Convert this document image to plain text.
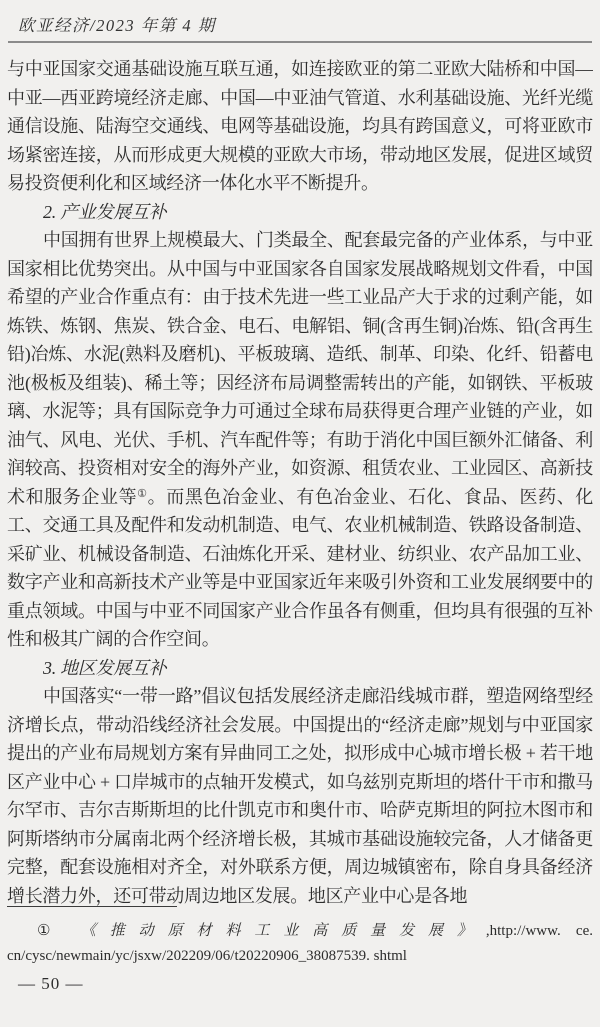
欧亚经济/2023 年第 4 期

与中亚国家交通基础设施互联互通，如连接欧亚的第二亚欧大陆桥和中国—中亚—西亚跨境经济走廊、中国—中亚油气管道、水利基础设施、光纤光缆通信设施、陆海空交通线、电网等基础设施，均具有跨国意义，可将亚欧市场紧密连接，从而形成更大规模的亚欧大市场，带动地区发展，促进区域贸易投资便利化和区域经济一体化水平不断提升。

2. 产业发展互补

中国拥有世界上规模最大、门类最全、配套最完备的产业体系，与中亚国家相比优势突出。从中国与中亚国家各自国家发展战略规划文件看，中国希望的产业合作重点有：由于技术先进一些工业品产大于求的过剩产能，如炼铁、炼钢、焦炭、铁合金、电石、电解铝、铜(含再生铜)冶炼、铅(含再生铅)冶炼、水泥(熟料及磨机)、平板玻璃、造纸、制革、印染、化纤、铅蓄电池(极板及组装)、稀土等；因经济布局调整需转出的产能，如钢铁、平板玻璃、水泥等；具有国际竞争力可通过全球布局获得更合理产业链的产业，如油气、风电、光伏、手机、汽车配件等；有助于消化中国巨额外汇储备、利润较高、投资相对安全的海外产业，如资源、租赁农业、工业园区、高新技术和服务企业等①。而黑色冶金业、有色冶金业、石化、食品、医药、化工、交通工具及配件和发动机制造、电气、农业机械制造、铁路设备制造、采矿业、机械设备制造、石油炼化开采、建材业、纺织业、农产品加工业、数字产业和高新技术产业等是中亚国家近年来吸引外资和工业发展纲要中的重点领域。中国与中亚不同国家产业合作虽各有侧重，但均具有很强的互补性和极其广阔的合作空间。

3. 地区发展互补

中国落实“一带一路”倡议包括发展经济走廊沿线城市群，塑造网络型经济增长点，带动沿线经济社会发展。中国提出的“经济走廊”规划与中亚国家提出的产业布局规划方案有异曲同工之处，拟形成中心城市增长极 + 若干地区产业中心 + 口岸城市的点轴开发模式，如乌兹别克斯坦的塔什干市和撒马尔罕市、吉尔吉斯斯坦的比什凯克市和奥什市、哈萨克斯坦的阿拉木图市和阿斯塔纳市分属南北两个经济增长极，其城市基础设施较完备，人才储备更完整，配套设施相对齐全，对外联系方便，周边城镇密布，除自身具备经济增长潜力外，还可带动周边地区发展。地区产业中心是各地

① 《推动原材料工业高质量发展》,http://www. ce. cn/cysc/newmain/yc/jsxw/202209/06/t20220906_38087539. shtml

— 50 —
